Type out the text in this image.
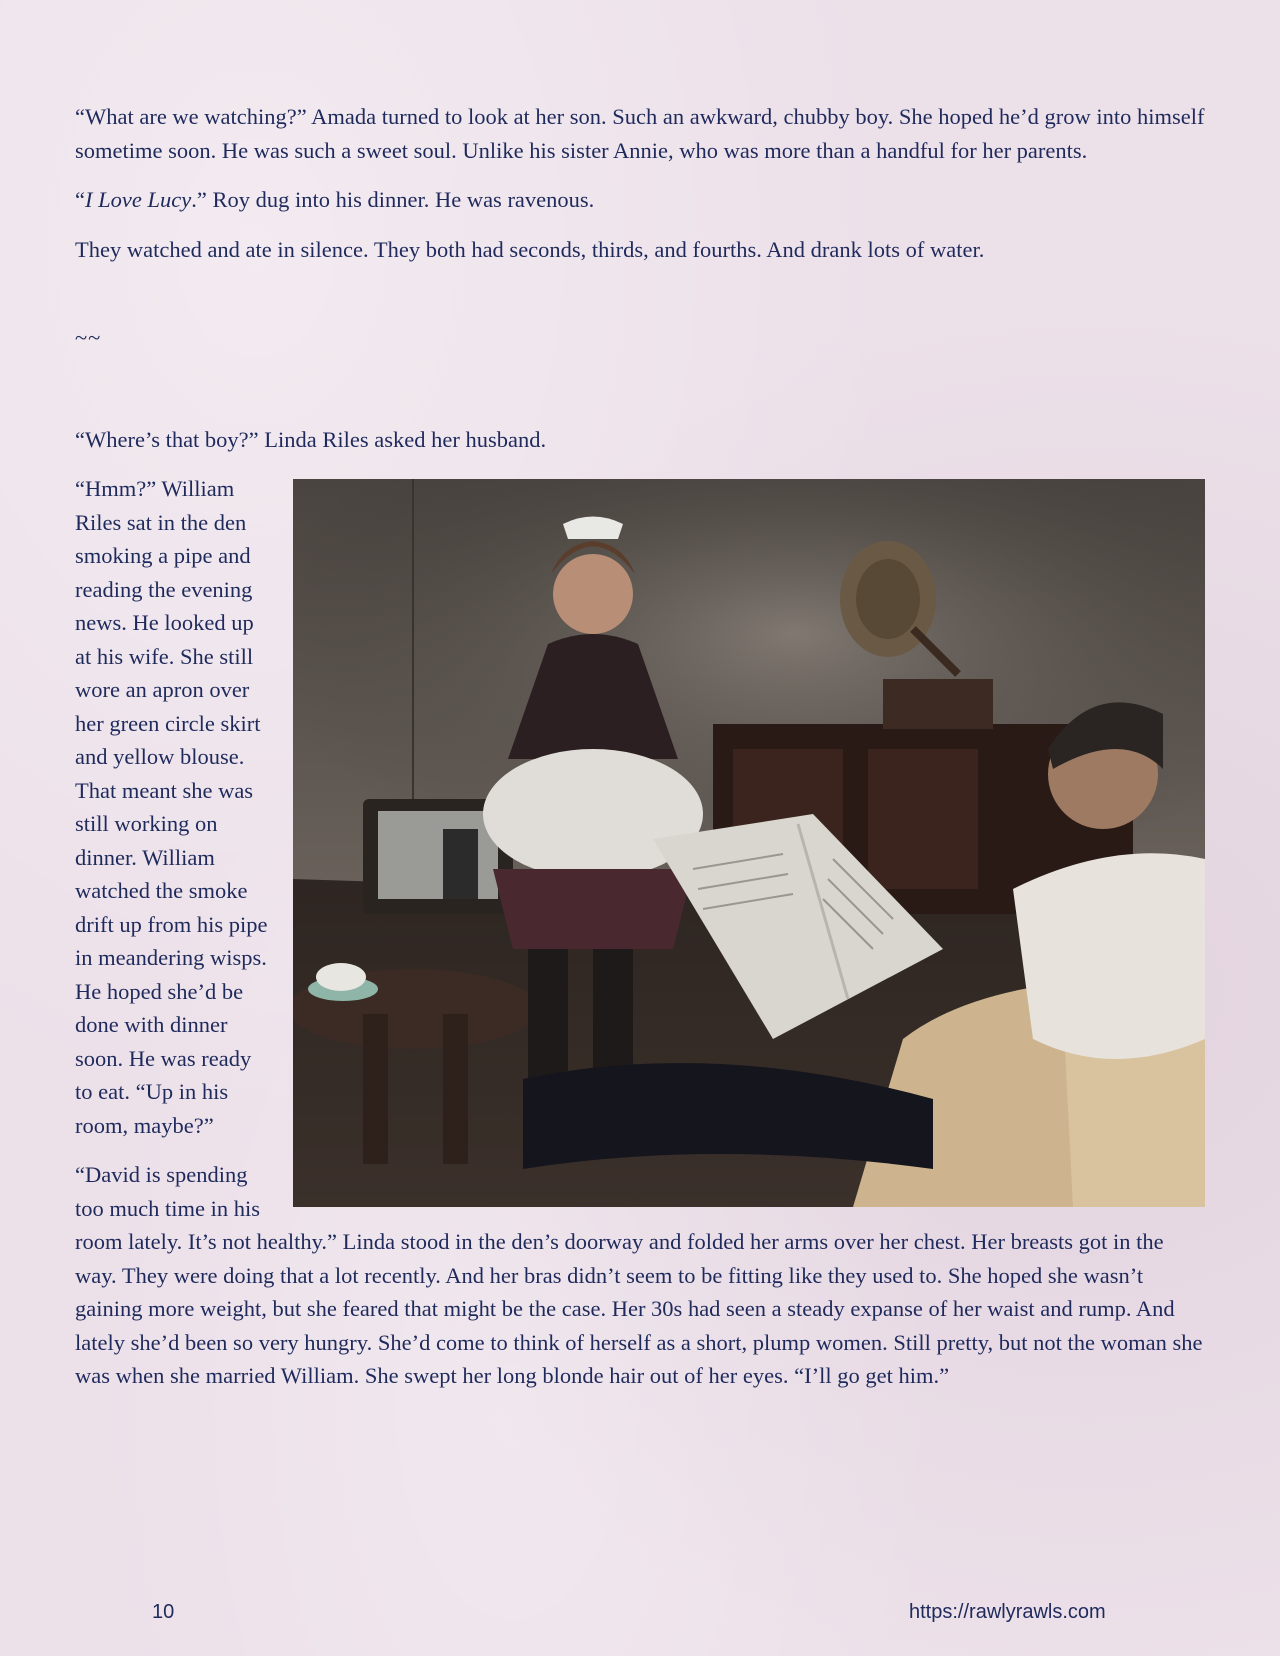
“What are we watching?” Amada turned to look at her son. Such an awkward, chubby boy. She hoped he’d grow into himself sometime soon. He was such a sweet soul. Unlike his sister Annie, who was more than a handful for her parents.

“I Love Lucy.” Roy dug into his dinner. He was ravenous.

They watched and ate in silence. They both had seconds, thirds, and fourths. And drank lots of water.

~~

“Where’s that boy?” Linda Riles asked her husband.

“Hmm?” William Riles sat in the den smoking a pipe and reading the evening news. He looked up at his wife. She still wore an apron over her green circle skirt and yellow blouse. That meant she was still working on dinner. William watched the smoke drift up from his pipe in meandering wisps. He hoped she’d be done with dinner soon. He was ready to eat. “Up in his room, maybe?”

“David is spending too much time in his room lately. It’s not healthy.” Linda stood in the den’s doorway and folded her arms over her chest. Her breasts got in the way. They were doing that a lot recently. And her bras didn’t seem to be fitting like they used to. She hoped she wasn’t gaining more weight, but she feared that might be the case. Her 30s had seen a steady expanse of her waist and rump. And lately she’d been so very hungry. She’d come to think of herself as a short, plump women. Still pretty, but not the woman she was when she married William. She swept her long blonde hair out of her eyes. “I’ll go get him.”

10	https://rawlyrawls.com
